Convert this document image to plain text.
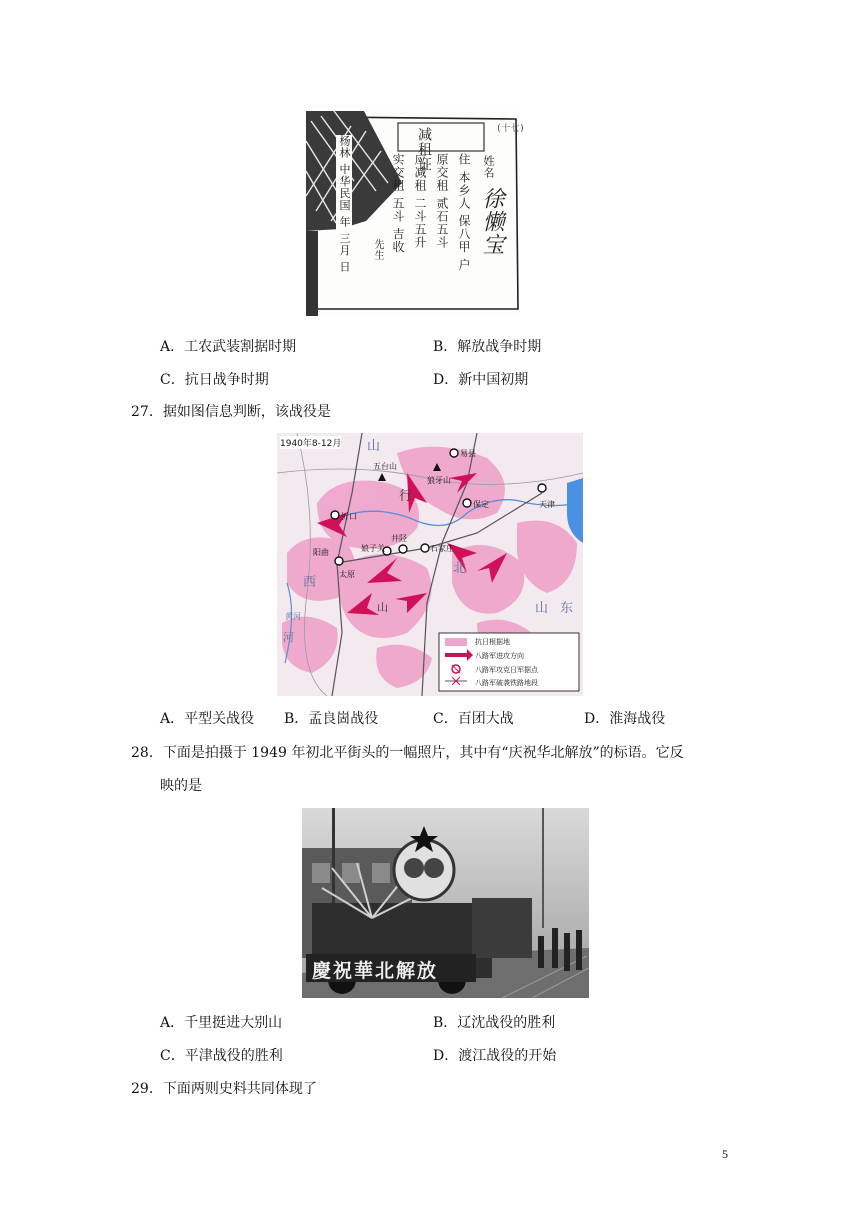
(十七)
减租证	姓名
徐懒宝
住 本乡人 保八甲 户
原交租 贰石五斗
应减租 二斗五升
实交租 五斗 吉收
先生
杨林 中华民国 年 三月 日
A．工农武装割据时期	B．解放战争时期
C．抗日战争时期	D．新中国初期
27．据如图信息判断，该战役是
1940年8-12月 山
行
北
西
山	东
山
河
五台山
狼牙山
易县
保定	天津
忻口
阳曲
太原
娘子关
井陉
石家庄
黄河
抗日根据地
八路军进攻方向
八路军攻克日军据点
八路军破袭铁路地段
A．平型关战役 B．孟良崮战役	C．百团大战	D．淮海战役
28．下面是拍摄于 1949 年初北平街头的一幅照片，其中有“庆祝华北解放”的标语。它反
映的是
慶祝華北解放
A．千里挺进大别山	B．辽沈战役的胜利
C．平津战役的胜利	D．渡江战役的开始
29．下面两则史料共同体现了
5
